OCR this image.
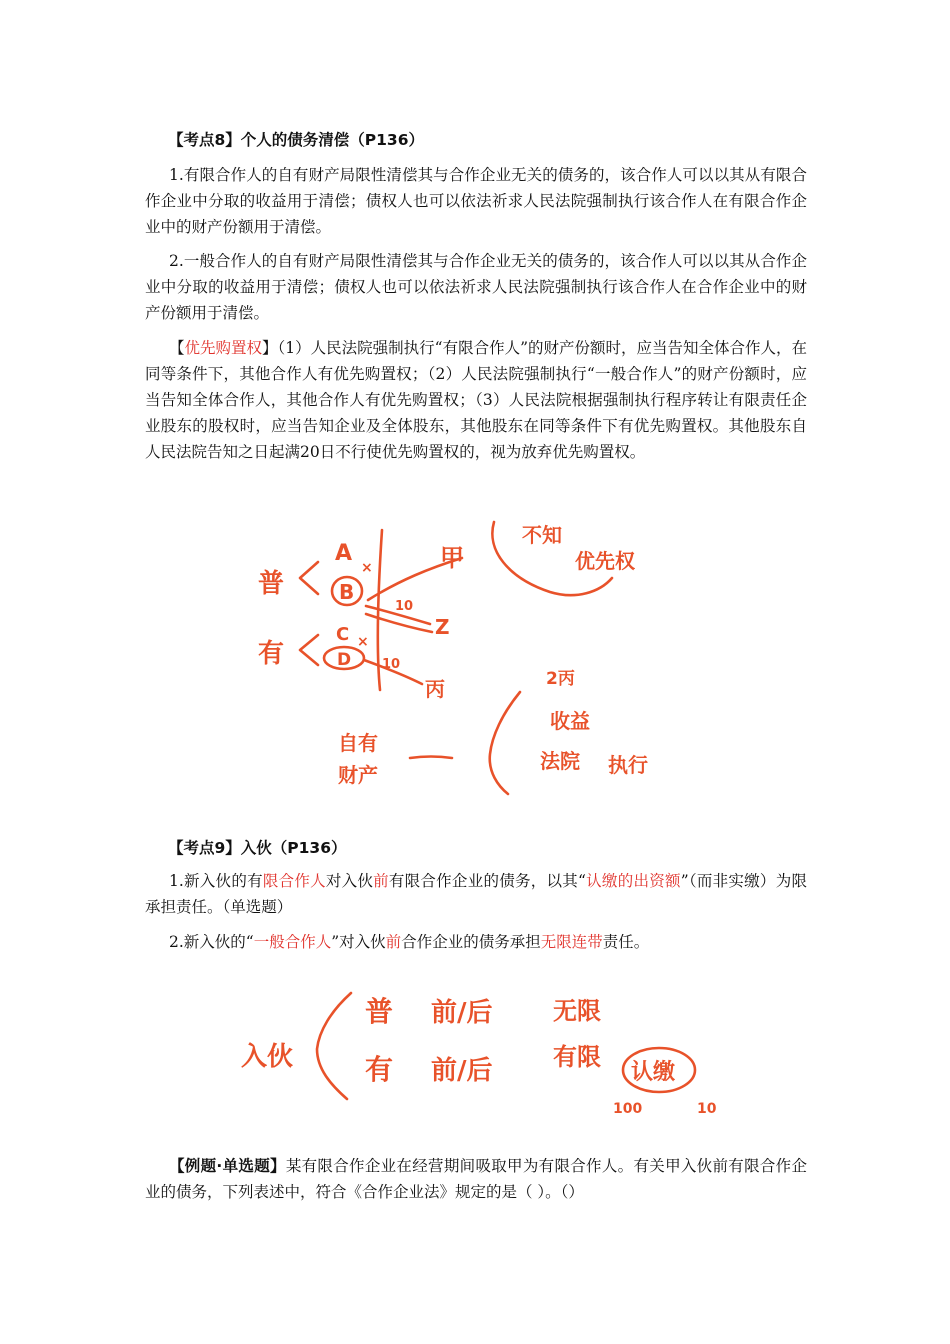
【考点8】个人的债务清偿（P136）
1.有限合作人的自有财产局限性清偿其与合作企业无关的债务的，该合作人可以以其从有限合作企业中分取的收益用于清偿；债权人也可以依法祈求人民法院强制执行该合作人在有限合作企业中的财产份额用于清偿。
2.一般合作人的自有财产局限性清偿其与合作企业无关的债务的，该合作人可以以其从合作企业中分取的收益用于清偿；债权人也可以依法祈求人民法院强制执行该合作人在合作企业中的财产份额用于清偿。
【优先购置权】（1）人民法院强制执行“有限合作人”的财产份额时，应当告知全体合作人，在同等条件下，其他合作人有优先购置权；（2）人民法院强制执行“一般合作人”的财产份额时，应当告知全体合作人，其他合作人有优先购置权；（3）人民法院根据强制执行程序转让有限责任企业股东的股权时，应当告知企业及全体股东，其他股东在同等条件下有优先购置权。其他股东自人民法院告知之日起满20日不行使优先购置权的，视为放弃优先购置权。
普
A
×
B
有
C ×
D
甲
10
Z
10
丙
不知
优先权
自有
财产
2丙
收益
法院 执行
【考点9】入伙（P136）
1.新入伙的有限合作人对入伙前有限合作企业的债务，以其“认缴的出资额”（而非实缴）为限承担责任。（单选题）
2.新入伙的“一般合作人”对入伙前合作企业的债务承担无限连带责任。
入伙
普
有
前/后
前/后
无限
有限
认缴
100	10
【例题·单选题】某有限合作企业在经营期间吸取甲为有限合作人。有关甲入伙前有限合作企业的债务，下列表述中，符合《合作企业法》规定的是（ ）。（）
